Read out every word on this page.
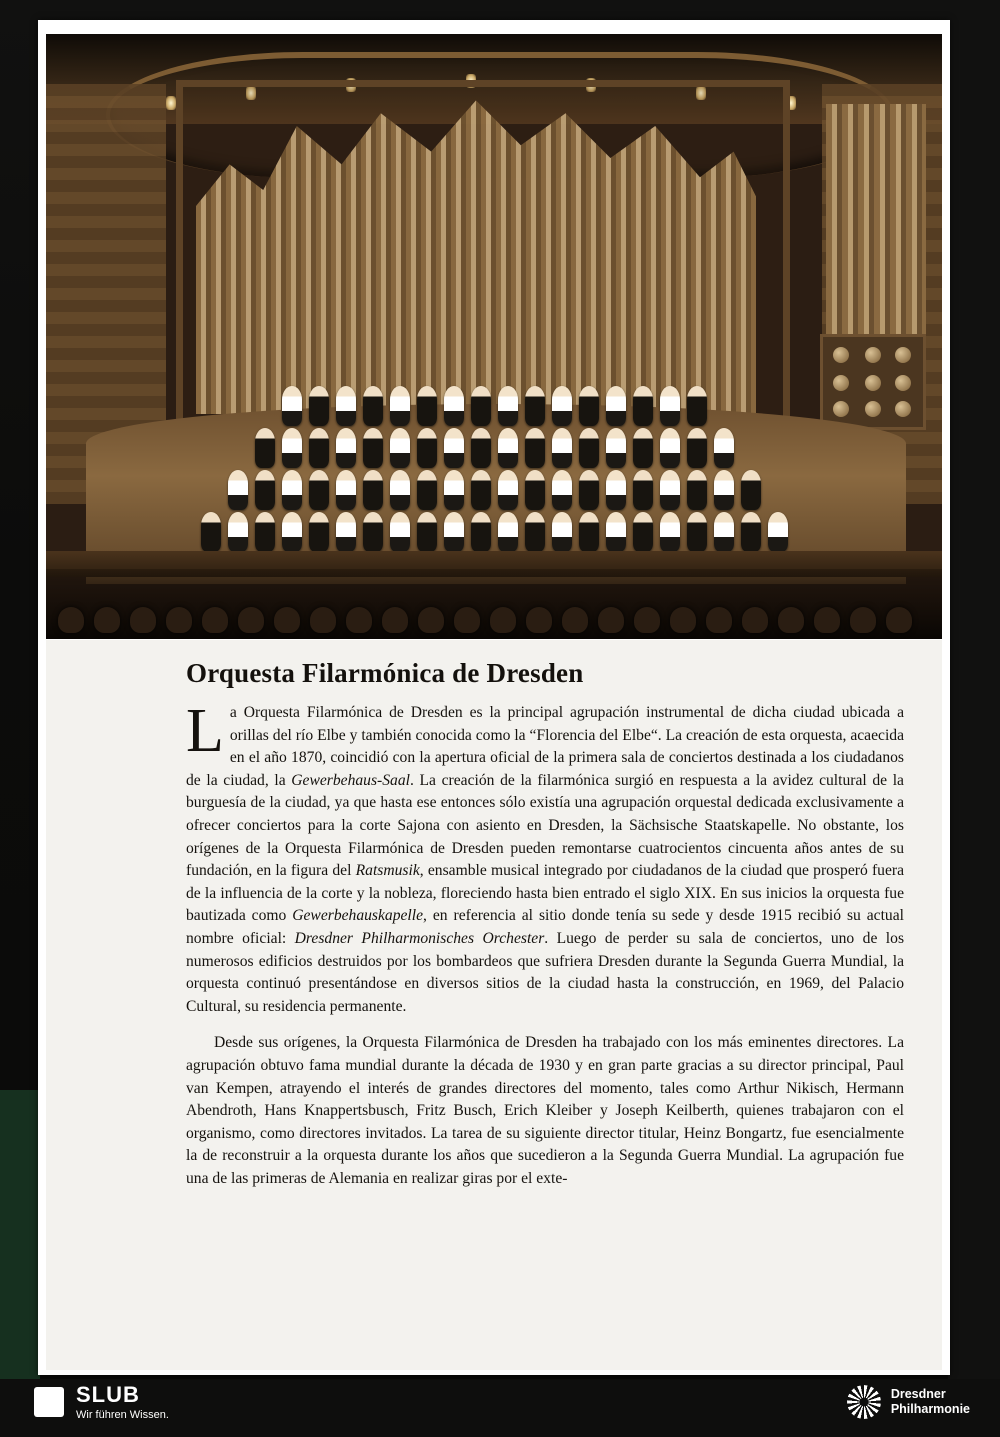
Orquesta Filarmónica de Dresden

La Orquesta Filarmónica de Dresden es la principal agrupación instrumental de dicha ciudad ubicada a orillas del río Elbe y también conocida como la “Florencia del Elbe“. La creación de esta orquesta, acaecida en el año 1870, coincidió con la apertura oficial de la primera sala de conciertos destinada a los ciudadanos de la ciudad, la Gewerbehaus-Saal. La creación de la filarmónica surgió en respuesta a la avidez cultural de la burguesía de la ciudad, ya que hasta ese entonces sólo existía una agrupación orquestal dedicada exclusivamente a ofrecer conciertos para la corte Sajona con asiento en Dresden, la Sächsische Staatskapelle. No obstante, los orígenes de la Orquesta Filarmónica de Dresden pueden remontarse cuatrocientos cincuenta años antes de su fundación, en la figura del Ratsmusik, ensamble musical integrado por ciudadanos de la ciudad que prosperó fuera de la influencia de la corte y la nobleza, floreciendo hasta bien entrado el siglo XIX. En sus inicios la orquesta fue bautizada como Gewerbehauskapelle, en referencia al sitio donde tenía su sede y desde 1915 recibió su actual nombre oficial: Dresdner Philharmonisches Orchester. Luego de perder su sala de conciertos, uno de los numerosos edificios destruidos por los bombardeos que sufriera Dresden durante la Segunda Guerra Mundial, la orquesta continuó presentándose en diversos sitios de la ciudad hasta la construcción, en 1969, del Palacio Cultural, su residencia permanente.

Desde sus orígenes, la Orquesta Filarmónica de Dresden ha trabajado con los más eminentes directores. La agrupación obtuvo fama mundial durante la década de 1930 y en gran parte gracias a su director principal, Paul van Kempen, atrayendo el interés de grandes directores del momento, tales como Arthur Nikisch, Hermann Abendroth, Hans Knappertsbusch, Fritz Busch, Erich Kleiber y Joseph Keilberth, quienes trabajaron con el organismo, como directores invitados. La tarea de su siguiente director titular, Heinz Bongartz, fue esencialmente la de reconstruir a la orquesta durante los años que sucedieron a la Segunda Guerra Mundial. La agrupación fue una de las primeras de Alemania en realizar giras por el exte-

SLUB
Wir führen Wissen.
Dresdner
Philharmonie
